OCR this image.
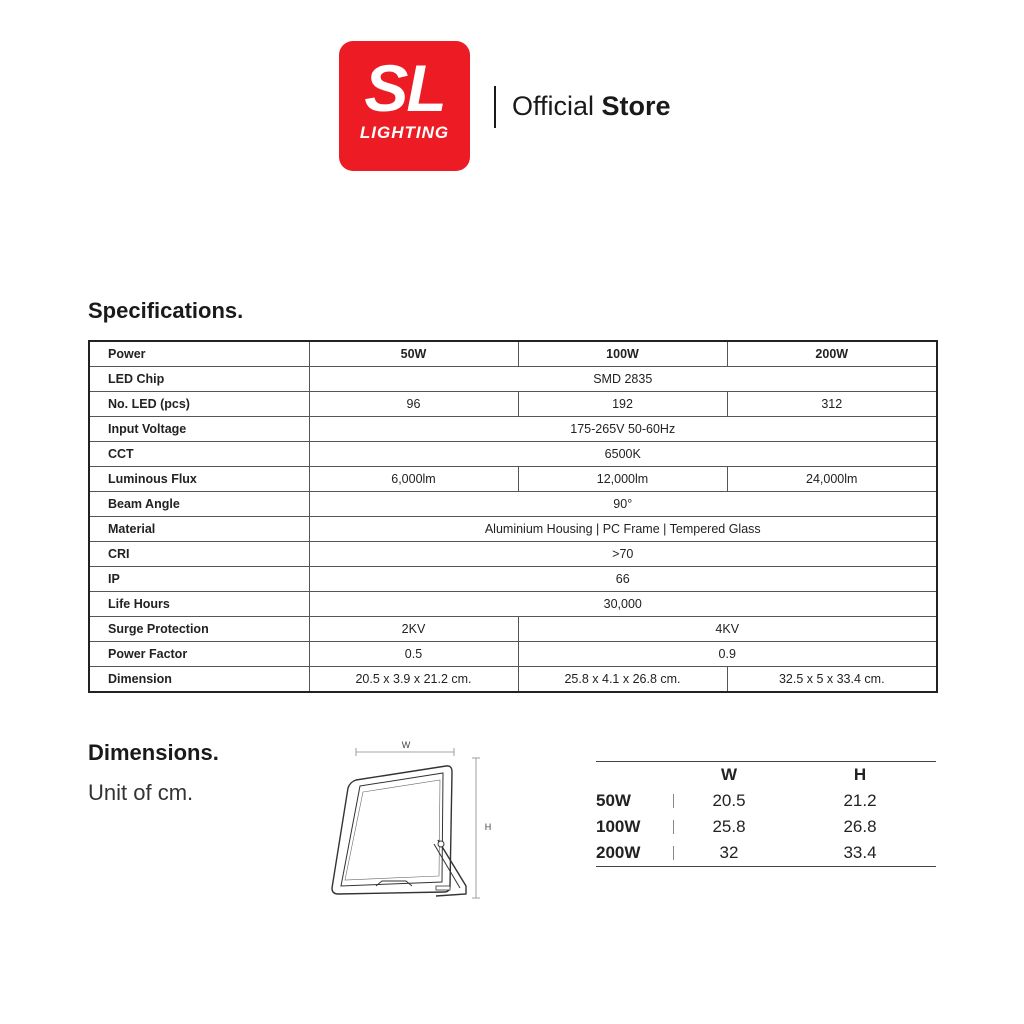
SL
LIGHTING
Official Store
Specifications.
Power	50W	100W	200W
LED Chip	SMD 2835		
No. LED (pcs)	96	192	312
Input Voltage	175-265V 50-60Hz		
CCT	6500K		
Luminous Flux	6,000lm	12,000lm	24,000lm
Beam Angle	90°		
Material	Aluminium Housing | PC Frame | Tempered Glass		
CRI	>70		
IP	66		
Life Hours	30,000		
Surge Protection	2KV	4KV	
Power Factor	0.5	0.9	
Dimension	20.5 x 3.9 x 21.2 cm.	25.8 x 4.1 x 26.8 cm.	32.5 x 5 x 33.4 cm.
Dimensions.
Unit of cm.
W
H
	W	H
50W	20.5	21.2
100W	25.8	26.8
200W	32	33.4
